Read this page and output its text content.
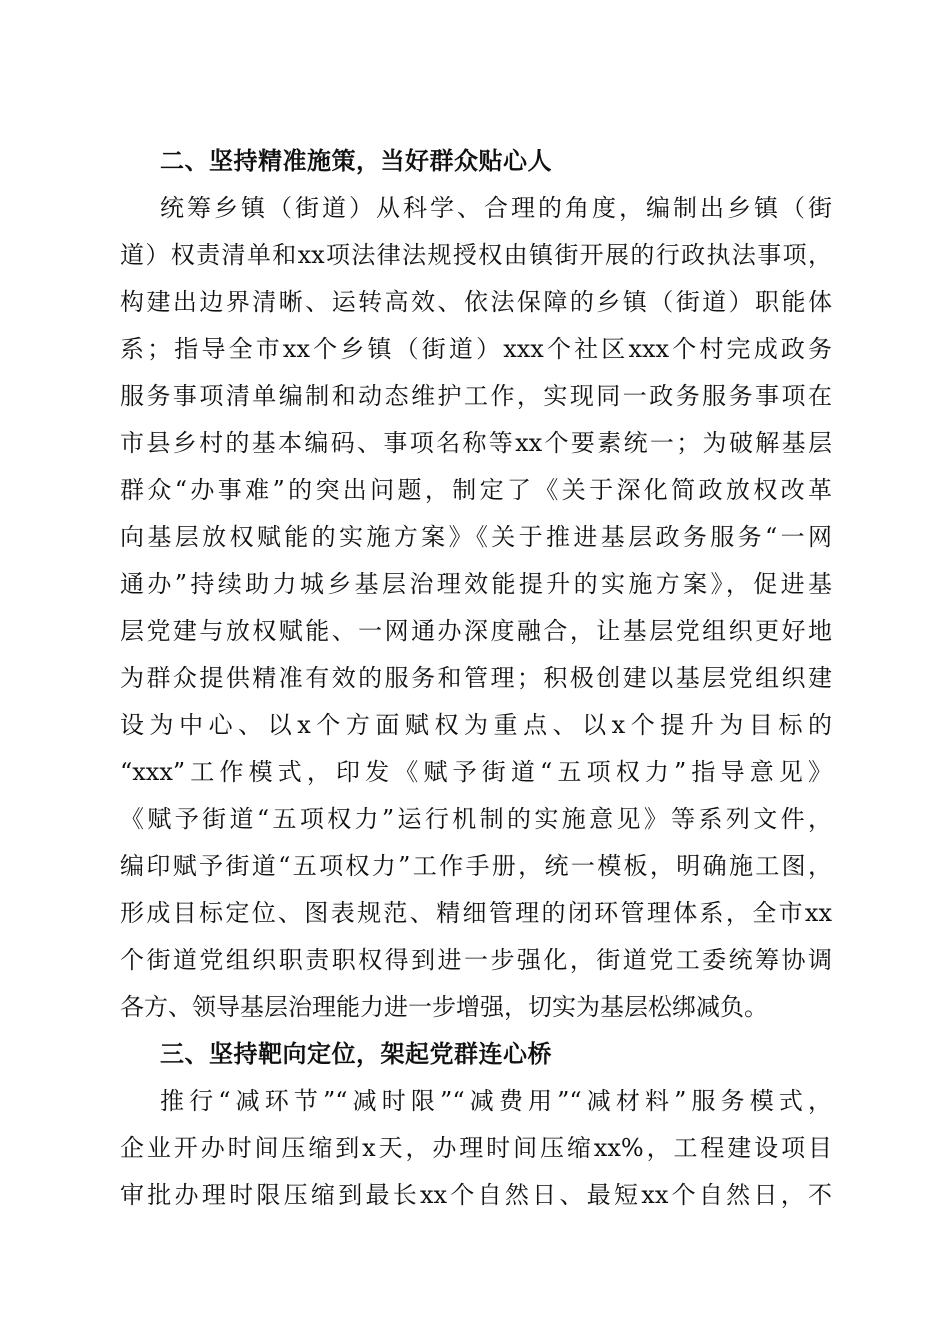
二、坚持精准施策，当好群众贴心人

统筹乡镇（街道）从科学、合理的角度，编制出乡镇（街
道）权责清单和xx项法律法规授权由镇街开展的行政执法事项，
构建出边界清晰、运转高效、依法保障的乡镇（街道）职能体
系；指导全市xx个乡镇（街道）xxx个社区xxx个村完成政务
服务事项清单编制和动态维护工作，实现同一政务服务事项在
市县乡村的基本编码、事项名称等xx个要素统一；为破解基层
群众“办事难”的突出问题，制定了《关于深化简政放权改革
向基层放权赋能的实施方案》《关于推进基层政务服务“一网
通办”持续助力城乡基层治理效能提升的实施方案》，促进基
层党建与放权赋能、一网通办深度融合，让基层党组织更好地
为群众提供精准有效的服务和管理；积极创建以基层党组织建
设为中心、以x个方面赋权为重点、以x个提升为目标的
“xxx”工作模式，印发《赋予街道“五项权力”指导意见》
《赋予街道“五项权力”运行机制的实施意见》等系列文件，
编印赋予街道“五项权力”工作手册，统一模板，明确施工图，
形成目标定位、图表规范、精细管理的闭环管理体系，全市xx
个街道党组织职责职权得到进一步强化，街道党工委统筹协调
各方、领导基层治理能力进一步增强，切实为基层松绑减负。

三、坚持靶向定位，架起党群连心桥

推行“减环节”“减时限”“减费用”“减材料”服务模式，
企业开办时间压缩到x天，办理时间压缩xx%，工程建设项目
审批办理时限压缩到最长xx个自然日、最短xx个自然日，不
